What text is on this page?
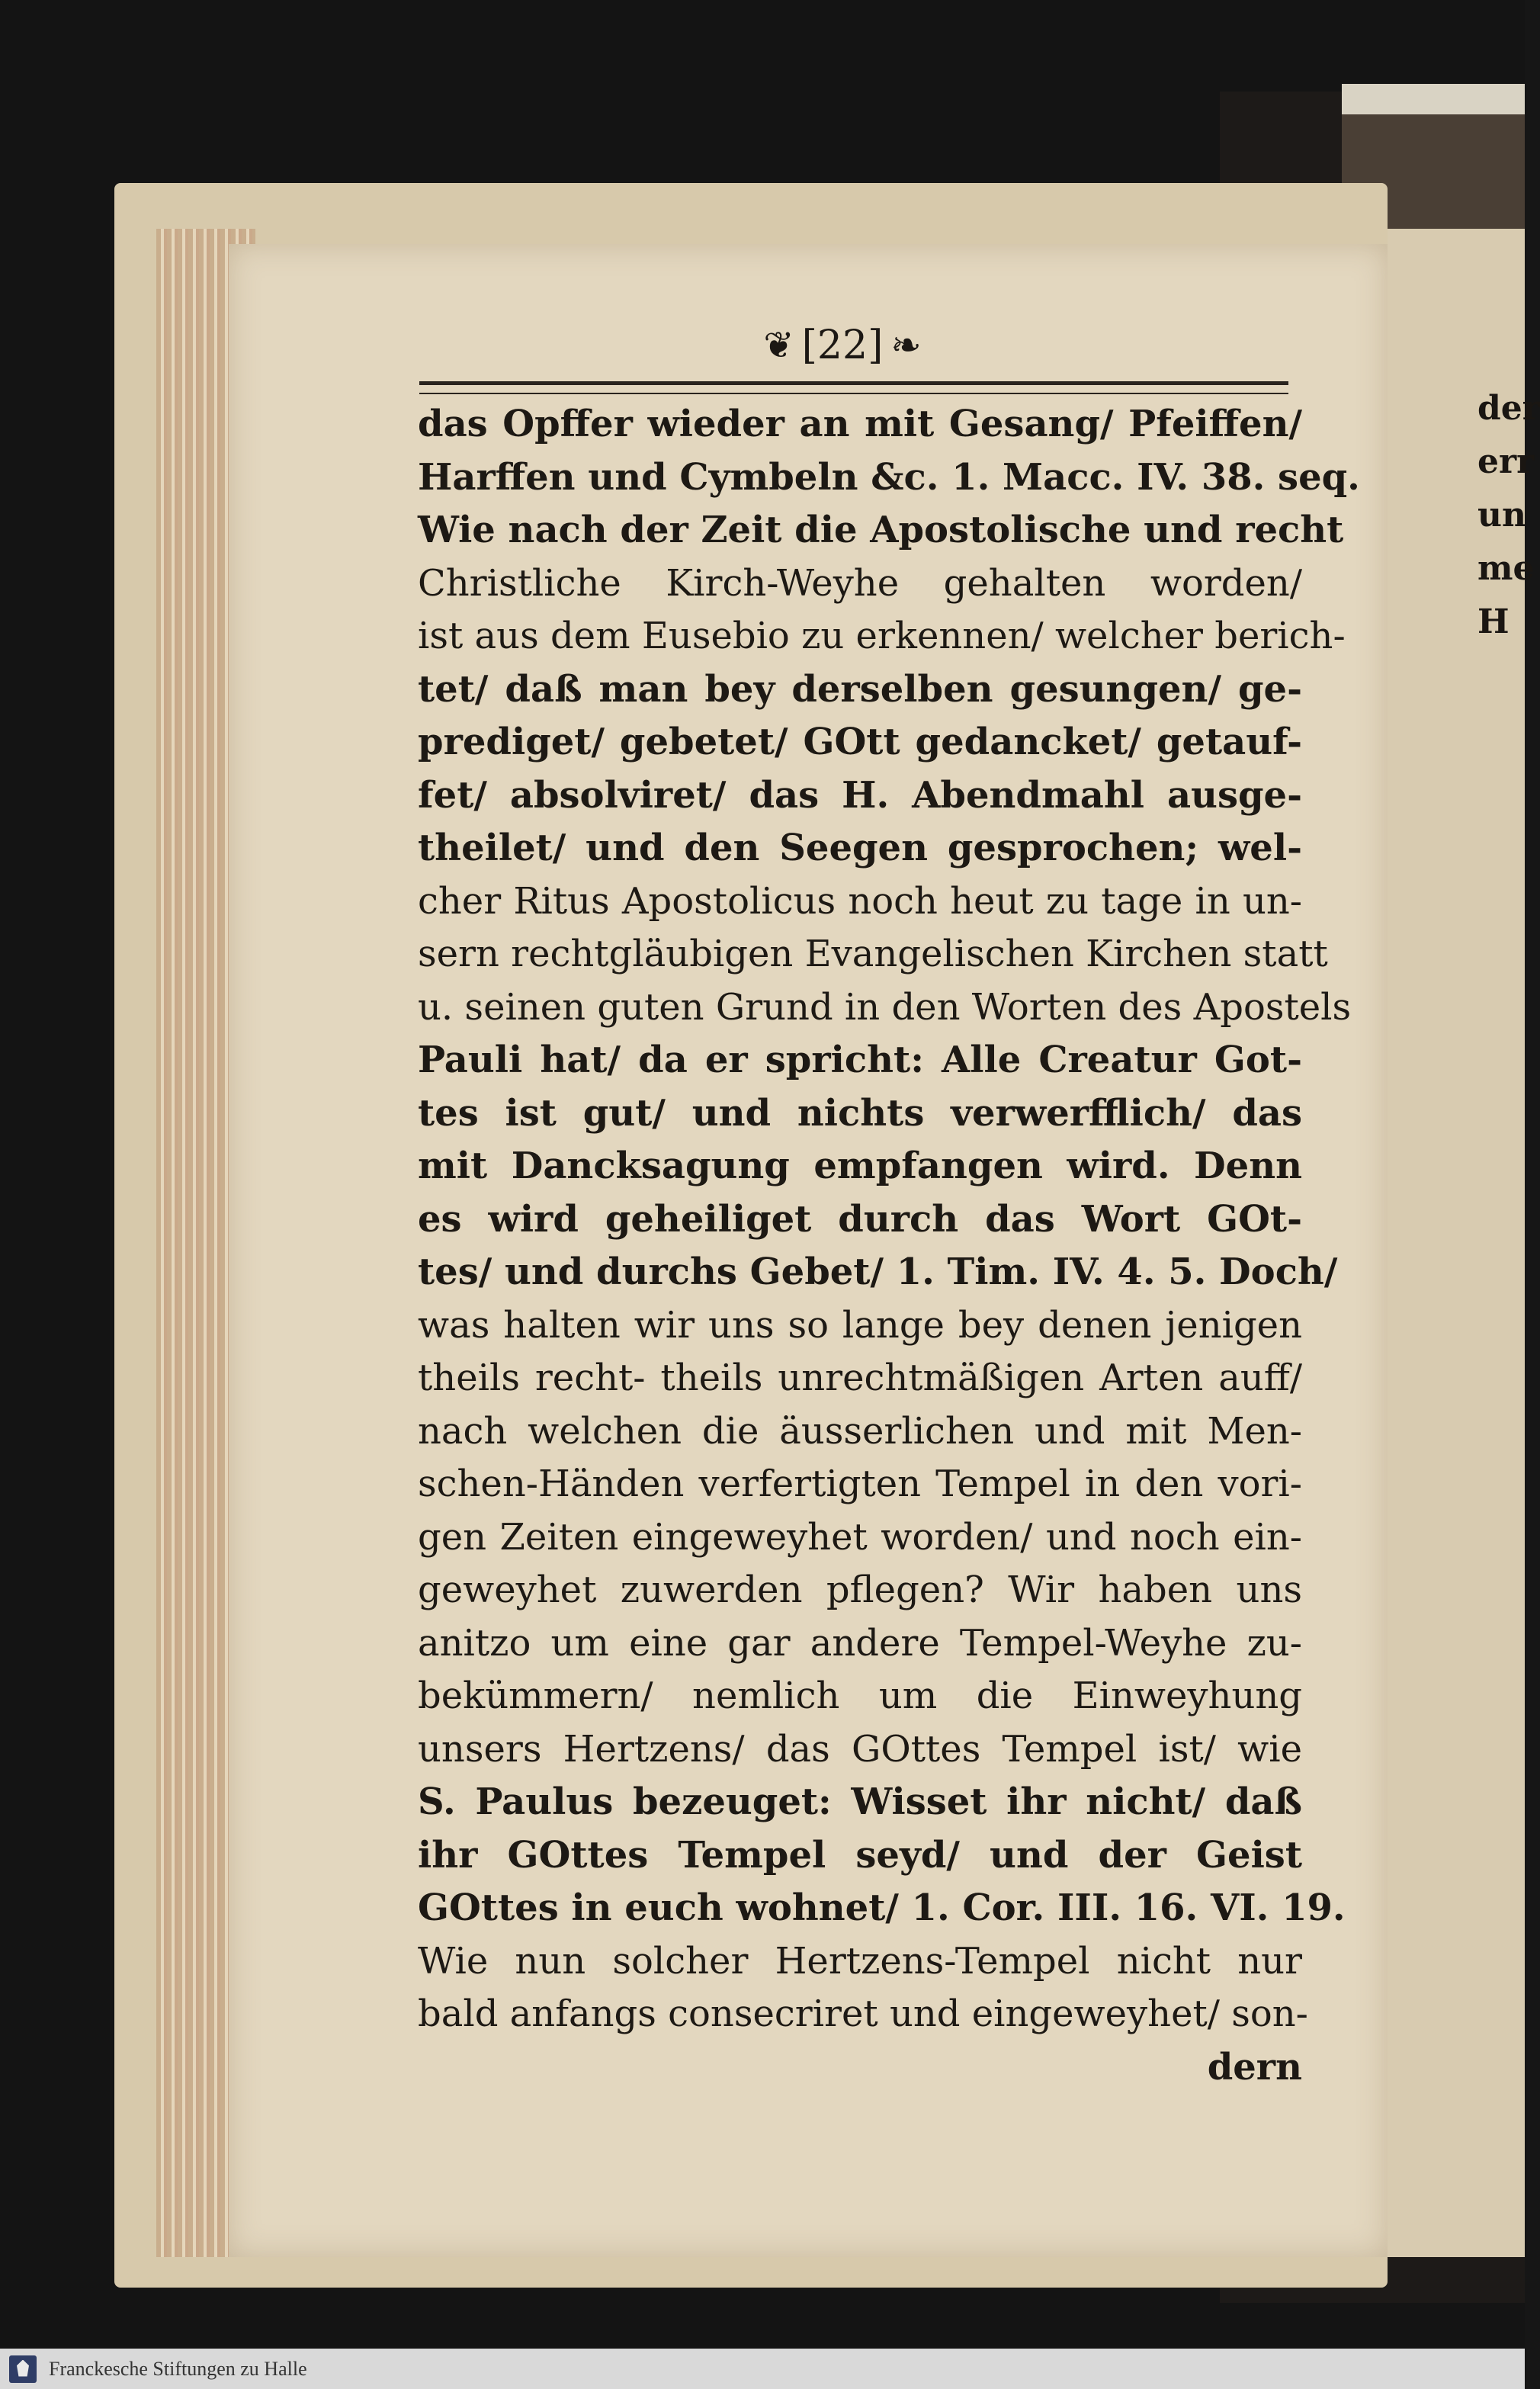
der
err
un
me
H
❦ [22] ❧
das Opffer wieder an mit Gesang/ Pfeiffen/
Harffen und Cymbeln &c. 1. Macc. IV. 38. seq.
Wie nach der Zeit die Apostolische und recht
Christliche Kirch-Weyhe gehalten worden/
ist aus dem Eusebio zu erkennen/ welcher berich-
tet/ daß man bey derselben gesungen/ ge-
prediget/ gebetet/ GOtt gedancket/ getauf-
fet/ absolviret/ das H. Abendmahl ausge-
theilet/ und den Seegen gesprochen; wel-
cher Ritus Apostolicus noch heut zu tage in un-
sern rechtgläubigen Evangelischen Kirchen statt
u. seinen guten Grund in den Worten des Apostels
Pauli hat/ da er spricht: Alle Creatur Got-
tes ist gut/ und nichts verwerfflich/ das
mit Dancksagung empfangen wird. Denn
es wird geheiliget durch das Wort GOt-
tes/ und durchs Gebet/ 1. Tim. IV. 4. 5. Doch/
was halten wir uns so lange bey denen jenigen
theils recht- theils unrechtmäßigen Arten auff/
nach welchen die äusserlichen und mit Men-
schen-Händen verfertigten Tempel in den vori-
gen Zeiten eingeweyhet worden/ und noch ein-
geweyhet zuwerden pflegen? Wir haben uns
anitzo um eine gar andere Tempel-Weyhe zu-
bekümmern/ nemlich um die Einweyhung
unsers Hertzens/ das GOttes Tempel ist/ wie
S. Paulus bezeuget: Wisset ihr nicht/ daß
ihr GOttes Tempel seyd/ und der Geist
GOttes in euch wohnet/ 1. Cor. III. 16. VI. 19.
Wie nun solcher Hertzens-Tempel nicht nur
bald anfangs consecriret und eingeweyhet/ son-
dern
Franckesche Stiftungen zu Halle
